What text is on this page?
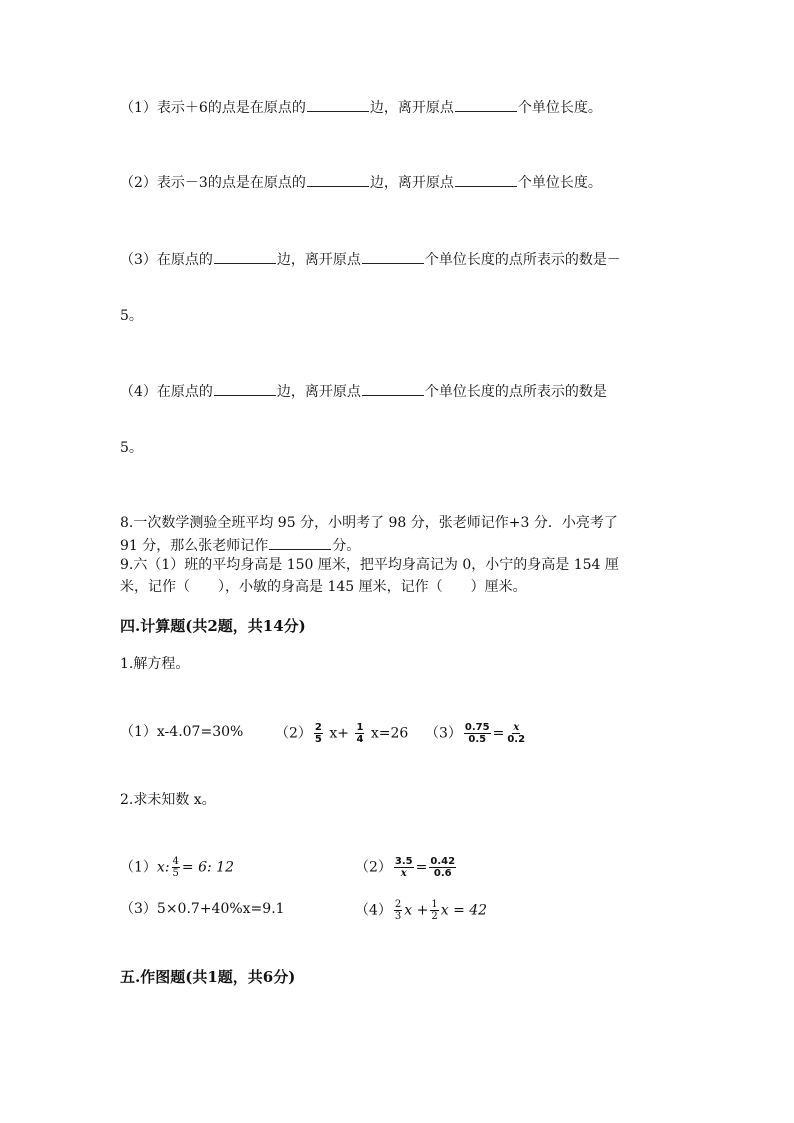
（1）表示＋6的点是在原点的	边，离开原点	个单位长度。
（2）表示－3的点是在原点的	边，离开原点	个单位长度。
（3）在原点的	边，离开原点	个单位长度的点所表示的数是－
5。
（4）在原点的	边，离开原点	个单位长度的点所表示的数是
5。
8.一次数学测验全班平均 95 分，小明考了 98 分，张老师记作+3 分．小亮考了
91 分，那么张老师记作	分。
9.六（1）班的平均身高是 150 厘米，把平均身高记为 0，小宁的身高是 154 厘
米，记作（　　），小敏的身高是 145 厘米，记作（　　）厘米。
四.计算题(共2题，共14分)
1.解方程。
（1）x-4.07=30% $(2) \frac{2}{5} x+ \frac{1}{4} x=26$ $(3) \frac{0.75}{0.5} = \frac{x}{0.2}$
2.求未知数 x。
（1）x: $\frac{4}{5} = 6$: 12	$(2) \frac{3.5}{x} = \frac{0.42}{0.6}$
（3）5×0.7+40%x=9.1	$(4) \frac{2}{3}$ $x + \frac{1}{2}$ x = 42
五.作图题(共1题，共6分)
